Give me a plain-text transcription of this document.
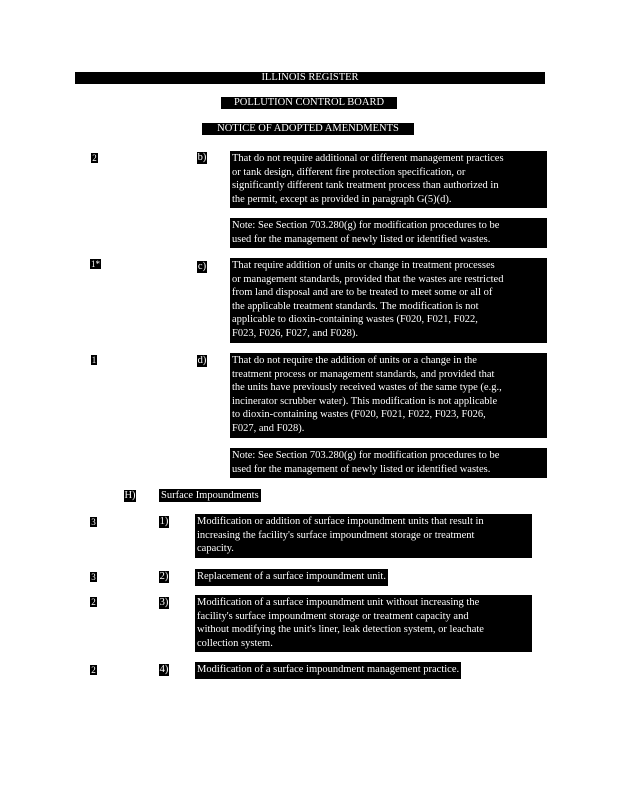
ILLINOIS REGISTER
POLLUTION CONTROL BOARD
NOTICE OF ADOPTED AMENDMENTS
2	b) That do not require additional or different management practices
or tank design, different fire protection specification, or
significantly different tank treatment process than authorized in
the permit, except as provided in paragraph G(5)(d).
Note: See Section 703.280(g) for modification procedures to be
used for the management of newly listed or identified wastes.
1*	c) That require addition of units or change in treatment processes
or management standards, provided that the wastes are restricted
from land disposal and are to be treated to meet some or all of
the applicable treatment standards. The modification is not
applicable to dioxin-containing wastes (F020, F021, F022,
F023, F026, F027, and F028).
1	d) That do not require the addition of units or a change in the
treatment process or management standards, and provided that
the units have previously received wastes of the same type (e.g.,
incinerator scrubber water). This modification is not applicable
to dioxin-containing wastes (F020, F021, F022, F023, F026,
F027, and F028).
Note: See Section 703.280(g) for modification procedures to be
used for the management of newly listed or identified wastes.
H) Surface Impoundments
3	1)	Modification or addition of surface impoundment units that result in
increasing the facility's surface impoundment storage or treatment
capacity.
3	2)	Replacement of a surface impoundment unit.
2	3)	Modification of a surface impoundment unit without increasing the
facility's surface impoundment storage or treatment capacity and
without modifying the unit's liner, leak detection system, or leachate
collection system.
2	4)	Modification of a surface impoundment management practice.
